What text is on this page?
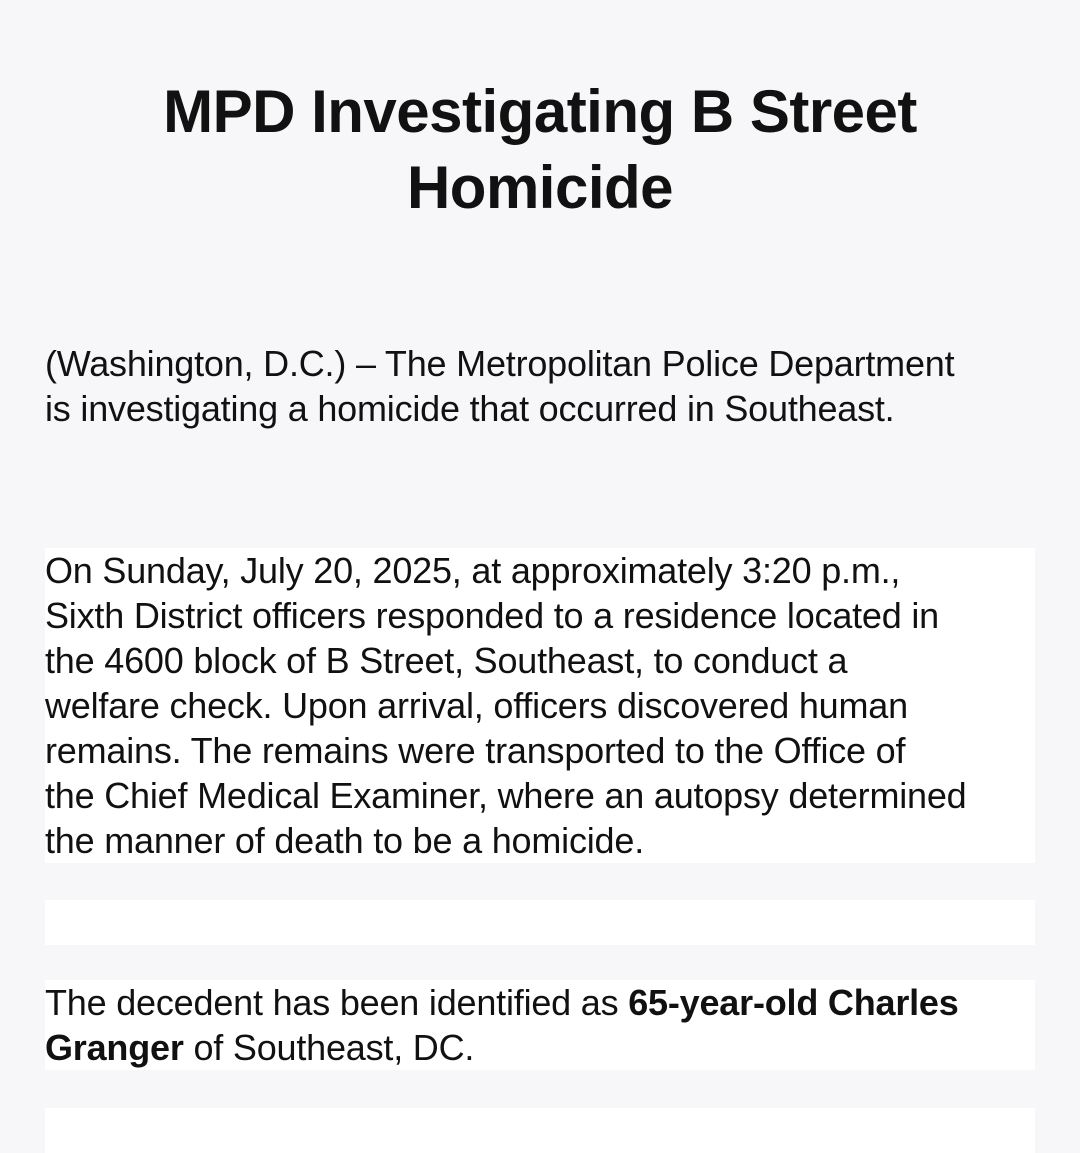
MPD Investigating B Street Homicide

(Washington, D.C.) – The Metropolitan Police Department
is investigating a homicide that occurred in Southeast.

On Sunday, July 20, 2025, at approximately 3:20 p.m.,
Sixth District officers responded to a residence located in
the 4600 block of B Street, Southeast, to conduct a
welfare check. Upon arrival, officers discovered human
remains. The remains were transported to the Office of
the Chief Medical Examiner, where an autopsy determined
the manner of death to be a homicide.

The decedent has been identified as 65-year-old Charles
Granger of Southeast, DC.
